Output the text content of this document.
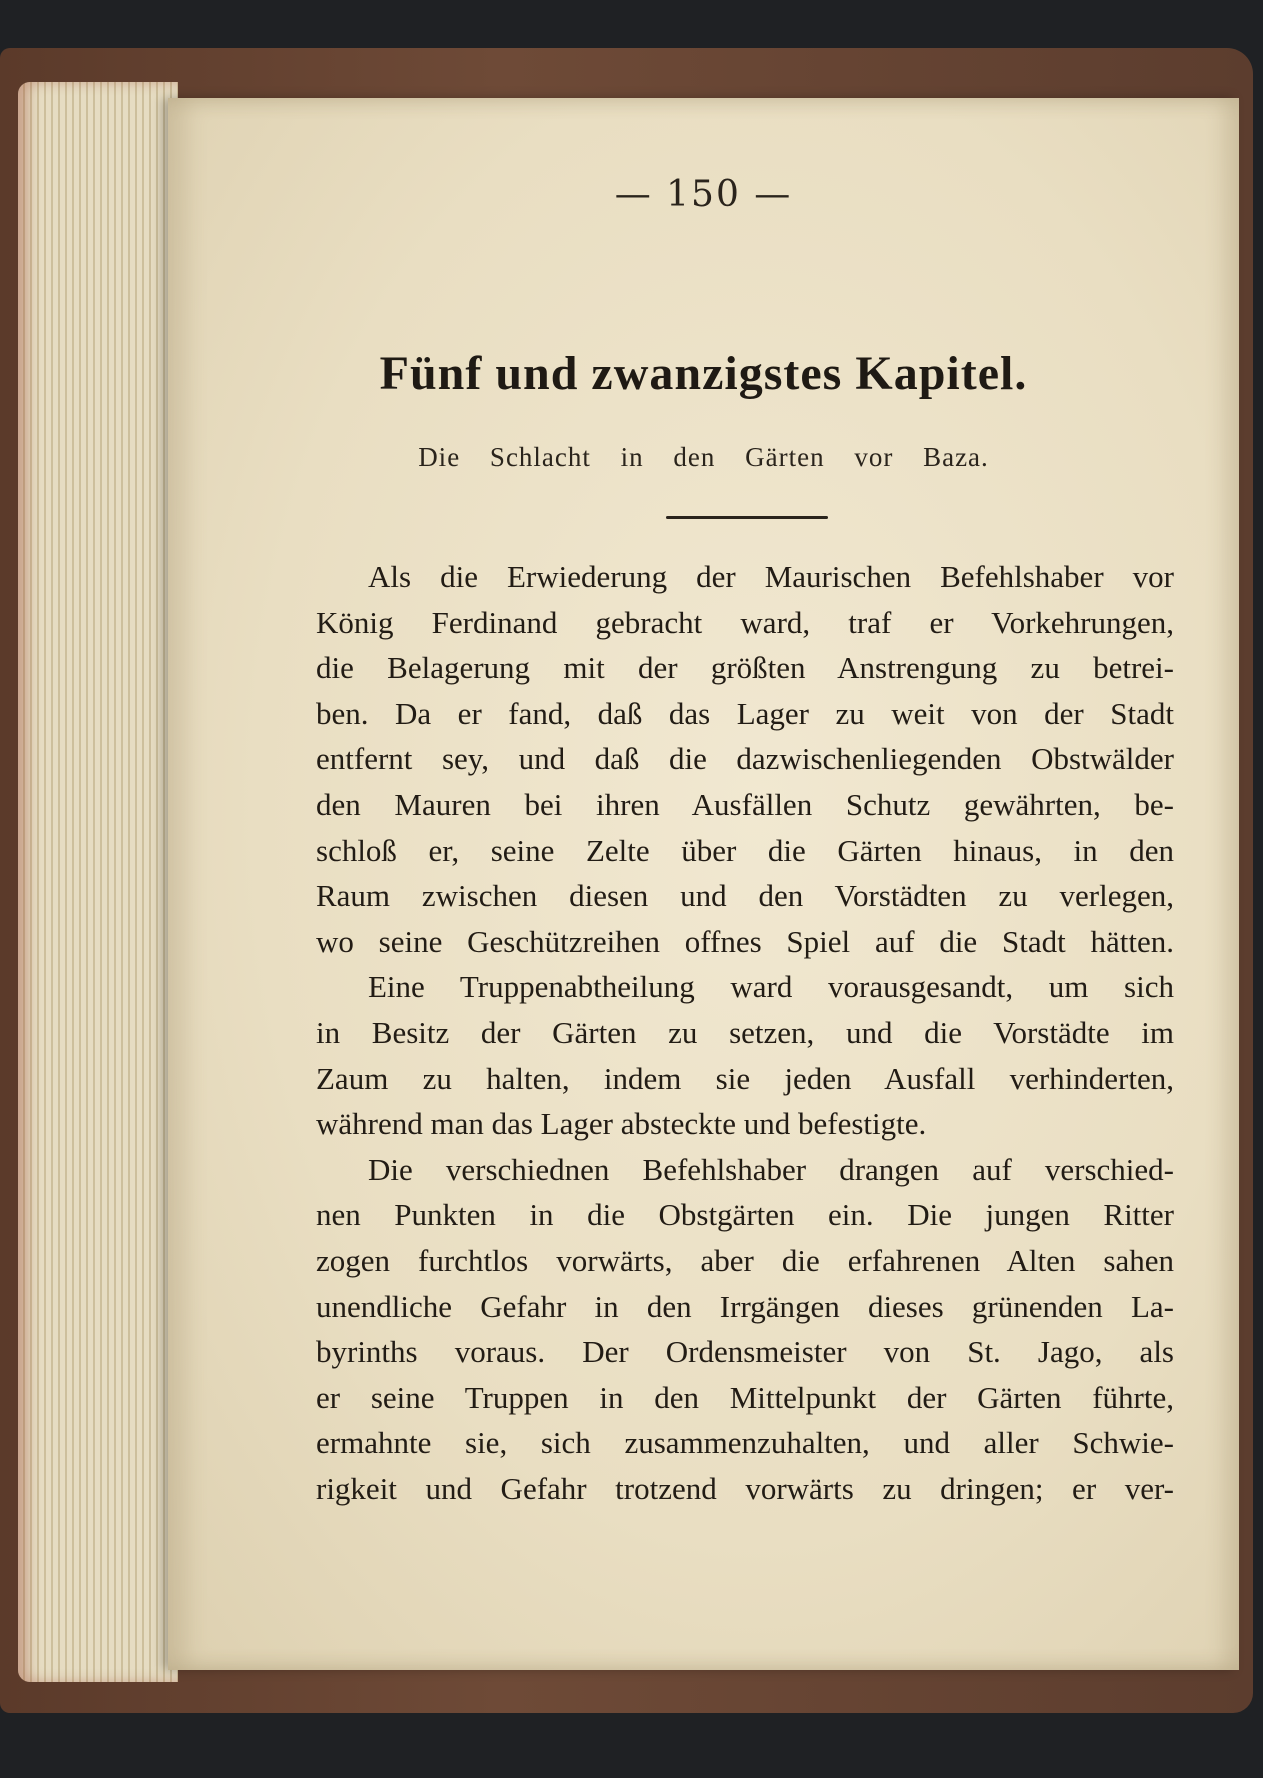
— 150 —
Fünf und zwanzigstes Kapitel.
Die Schlacht in den Gärten vor Baza.
Als die Erwiederung der Maurischen Befehlshaber vor
König Ferdinand gebracht ward, traf er Vorkehrungen,
die Belagerung mit der größten Anstrengung zu betrei-
ben. Da er fand, daß das Lager zu weit von der Stadt
entfernt sey, und daß die dazwischenliegenden Obstwälder
den Mauren bei ihren Ausfällen Schutz gewährten, be-
schloß er, seine Zelte über die Gärten hinaus, in den
Raum zwischen diesen und den Vorstädten zu verlegen,
wo seine Geschützreihen offnes Spiel auf die Stadt hätten.
Eine Truppenabtheilung ward vorausgesandt, um sich
in Besitz der Gärten zu setzen, und die Vorstädte im
Zaum zu halten, indem sie jeden Ausfall verhinderten,
während man das Lager absteckte und befestigte.
Die verschiednen Befehlshaber drangen auf verschied-
nen Punkten in die Obstgärten ein. Die jungen Ritter
zogen furchtlos vorwärts, aber die erfahrenen Alten sahen
unendliche Gefahr in den Irrgängen dieses grünenden La-
byrinths voraus. Der Ordensmeister von St. Jago, als
er seine Truppen in den Mittelpunkt der Gärten führte,
ermahnte sie, sich zusammenzuhalten, und aller Schwie-
rigkeit und Gefahr trotzend vorwärts zu dringen; er ver-
